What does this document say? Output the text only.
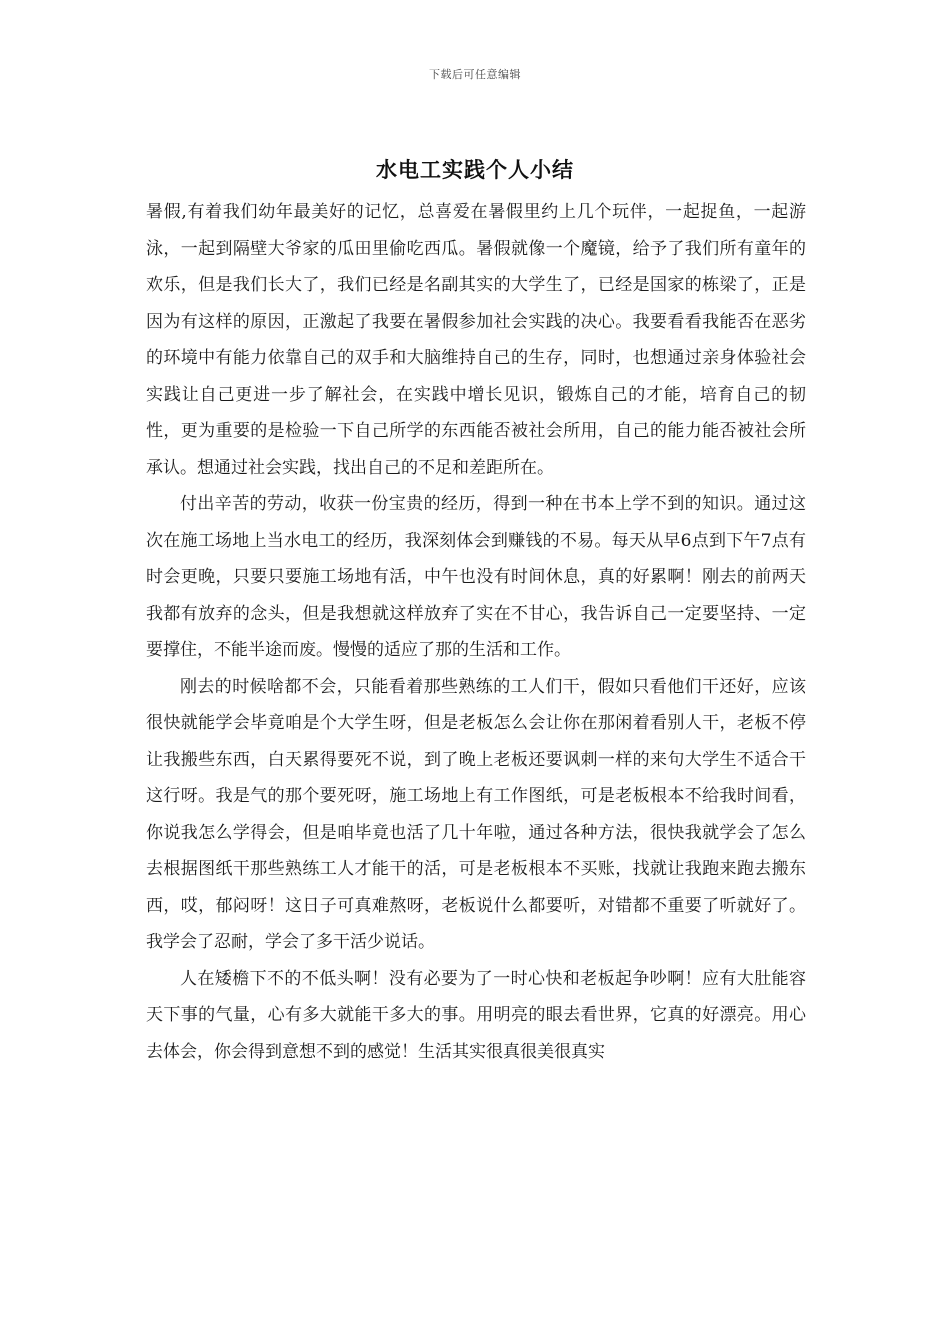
下载后可任意编辑
水电工实践个人小结

暑假,有着我们幼年最美好的记忆，总喜爱在暑假里约上几个玩伴，一起捉鱼，一起游泳，一起到隔壁大爷家的瓜田里偷吃西瓜。暑假就像一个魔镜，给予了我们所有童年的欢乐，但是我们长大了，我们已经是名副其实的大学生了，已经是国家的栋梁了，正是因为有这样的原因，正激起了我要在暑假参加社会实践的决心。我要看看我能否在恶劣的环境中有能力依靠自己的双手和大脑维持自己的生存，同时，也想通过亲身体验社会实践让自己更进一步了解社会，在实践中增长见识，锻炼自己的才能，培育自己的韧性，更为重要的是检验一下自己所学的东西能否被社会所用，自己的能力能否被社会所承认。想通过社会实践，找出自己的不足和差距所在。

付出辛苦的劳动，收获一份宝贵的经历，得到一种在书本上学不到的知识。通过这次在施工场地上当水电工的经历，我深刻体会到赚钱的不易。每天从早6点到下午7点有时会更晚，只要只要施工场地有活，中午也没有时间休息，真的好累啊！刚去的前两天我都有放弃的念头，但是我想就这样放弃了实在不甘心，我告诉自己一定要坚持、一定要撑住，不能半途而废。慢慢的适应了那的生活和工作。

刚去的时候啥都不会，只能看着那些熟练的工人们干，假如只看他们干还好，应该很快就能学会毕竟咱是个大学生呀，但是老板怎么会让你在那闲着看别人干，老板不停让我搬些东西，白天累得要死不说，到了晚上老板还要讽刺一样的来句大学生不适合干这行呀。我是气的那个要死呀，施工场地上有工作图纸，可是老板根本不给我时间看，你说我怎么学得会，但是咱毕竟也活了几十年啦，通过各种方法，很快我就学会了怎么去根据图纸干那些熟练工人才能干的活，可是老板根本不买账，找就让我跑来跑去搬东西，哎，郁闷呀！这日子可真难熬呀，老板说什么都要听，对错都不重要了听就好了。我学会了忍耐，学会了多干活少说话。

人在矮檐下不的不低头啊！没有必要为了一时心快和老板起争吵啊！应有大肚能容天下事的气量，心有多大就能干多大的事。用明亮的眼去看世界，它真的好漂亮。用心去体会，你会得到意想不到的感觉！生活其实很真很美很真实
